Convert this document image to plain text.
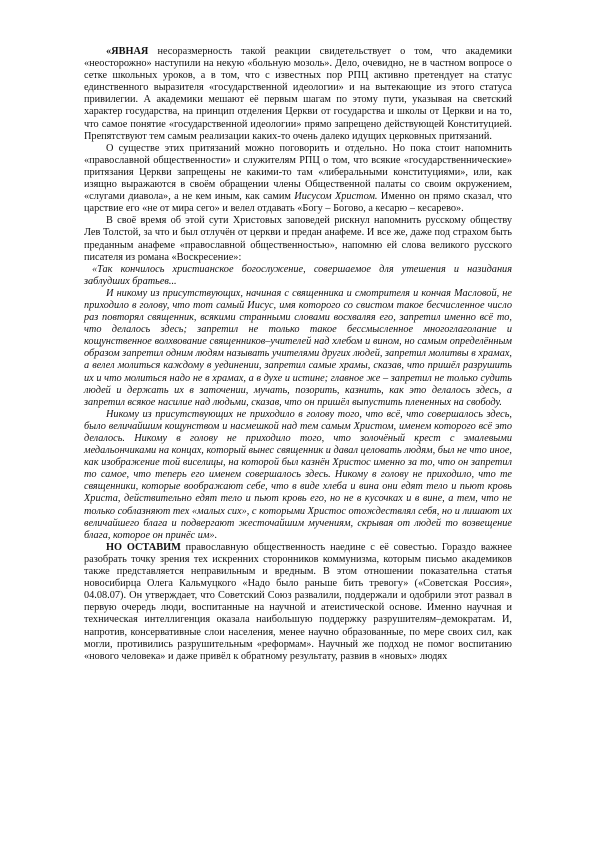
«ЯВНАЯ несоразмерность такой реакции свидетельствует о том, что академики «неосторожно» наступили на некую «больную мозоль». Дело, очевидно, не в частном вопросе о сетке школьных уроков, а в том, что с известных пор РПЦ активно претендует на статус единственного выразителя «государственной идеологии» и на вытекающие из этого статуса привилегии. А академики мешают её первым шагам по этому пути, указывая на светский характер государства, на принцип отделения Церкви от государства и школы от Церкви и на то, что самое понятие «государственной идеологии» прямо запрещено действующей Конституцией. Препятствуют тем самым реализации каких-то очень далеко идущих церковных притязаний.

О существе этих притязаний можно поговорить и отдельно. Но пока стоит напомнить «православной общественности» и служителям РПЦ о том, что всякие «государственнические» притязания Церкви запрещены не какими-то там «либеральными конституциями», или, как изящно выражаются в своём обращении члены Общественной палаты со своим окружением, «слугами диавола», а не кем иным, как самим Иисусом Христом. Именно он прямо сказал, что царствие его «не от мира сего» и велел отдавать «Богу – Богово, а кесарю – кесарево».

В своё время об этой сути Христовых заповедей рискнул напомнить русскому обществу Лев Толстой, за что и был отлучён от церкви и предан анафеме. И все же, даже под страхом быть преданным анафеме «православной общественностью», напомню ей слова великого русского писателя из романа «Воскресение»:

«Так кончилось христианское богослужение, совершаемое для утешения и назидания заблудших братьев...

И никому из присутствующих, начиная с священника и смотрителя и кончая Масловой, не приходило в голову, что тот самый Иисус, имя которого со свистом такое бесчисленное число раз повторял священник, всякими странными словами восхваляя его, запретил именно всё то, что делалось здесь; запретил не только такое бессмысленное многоглаголание и кощунственное волхвование священников–учителей над хлебом и вином, но самым определённым образом запретил одним людям называть учителями других людей, запретил молитвы в храмах, а велел молиться каждому в уединении, запретил самые храмы, сказав, что пришёл разрушить их и что молиться надо не в храмах, а в духе и истине; главное же – запретил не только судить людей и держать их в заточении, мучать, позорить, казнить, как это делалось здесь, а запретил всякое насилие над людьми, сказав, что он пришёл выпустить плененных на свободу.

Никому из присутствующих не приходило в голову того, что всё, что совершалось здесь, было величайшим кощунством и насмешкой над тем самым Христом, именем которого всё это делалось. Никому в голову не приходило того, что золочёный крест с эмалевыми медальончиками на концах, который вынес священник и давал целовать людям, был не что иное, как изображение той виселицы, на которой был казнён Христос именно за то, что он запретил то самое, что теперь его именем совершалось здесь. Никому в голову не приходило, что те священники, которые воображают себе, что в виде хлеба и вина они едят тело и пьют кровь Христа, действительно едят тело и пьют кровь его, но не в кусочках и в вине, а тем, что не только соблазняют тех «малых сих», с которыми Христос отождествлял себя, но и лишают их величайшего блага и подвергают жесточайшим мучениям, скрывая от людей то возвещение блага, которое он принёс им».

НО ОСТАВИМ православную общественность наедине с её совестью. Гораздо важнее разобрать точку зрения тех искренних сторонников коммунизма, которым письмо академиков также представляется неправильным и вредным. В этом отношении показательна статья новосибирца Олега Кальмуцкого «Надо было раньше бить тревогу» («Советская Россия», 04.08.07). Он утверждает, что Советский Союз развалили, поддержали и одобрили этот развал в первую очередь люди, воспитанные на научной и атеистической основе. Именно научная и техническая интеллигенция оказала наибольшую поддержку разрушителям–демократам. И, напротив, консервативные слои населения, менее научно образованные, по мере своих сил, как могли, противились разрушительным «реформам». Научный же подход не помог воспитанию «нового человека» и даже привёл к обратному результату, развив в «новых» людях
